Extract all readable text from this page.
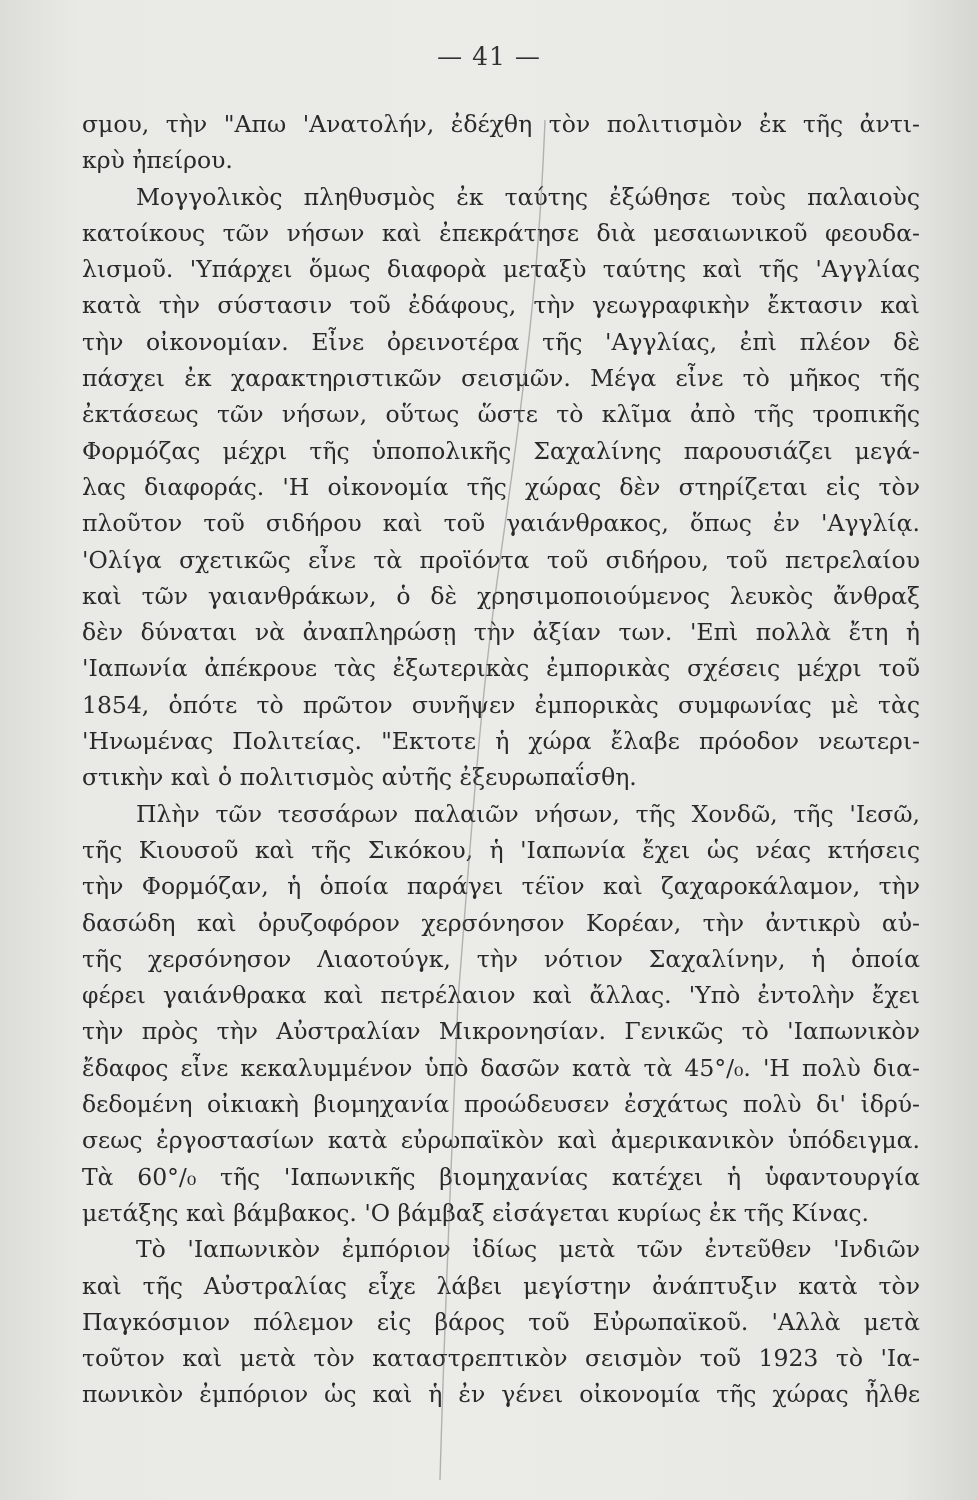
— 41 —
σμου, τὴν "Απω 'Ανατολήν, ἐδέχθη τὸν πολιτισμὸν ἐκ τῆς ἀντι-
κρὺ ἠπείρου.
Μογγολικὸς πληθυσμὸς ἐκ ταύτης ἐξώθησε τοὺς παλαιοὺς
κατοίκους τῶν νήσων καὶ ἐπεκράτησε διὰ μεσαιωνικοῦ φεουδα-
λισμοῦ. 'Υπάρχει ὅμως διαφορὰ μεταξὺ ταύτης καὶ τῆς 'Αγγλίας
κατὰ τὴν σύστασιν τοῦ ἐδάφους, τὴν γεωγραφικὴν ἔκτασιν καὶ
τὴν οἰκονομίαν. Εἶνε ὀρεινοτέρα τῆς 'Αγγλίας, ἐπὶ πλέον δὲ
πάσχει ἐκ χαρακτηριστικῶν σεισμῶν. Μέγα εἶνε τὸ μῆκος τῆς
ἐκτάσεως τῶν νήσων, οὕτως ὥστε τὸ κλῖμα ἀπὸ τῆς τροπικῆς
Φορμόζας μέχρι τῆς ὑποπολικῆς Σαχαλίνης παρουσιάζει μεγά-
λας διαφοράς. 'Η οἰκονομία τῆς χώρας δὲν στηρίζεται εἰς τὸν
πλοῦτον τοῦ σιδήρου καὶ τοῦ γαιάνθρακος, ὅπως ἐν 'Αγγλίᾳ.
'Ολίγα σχετικῶς εἶνε τὰ προϊόντα τοῦ σιδήρου, τοῦ πετρελαίου
καὶ τῶν γαιανθράκων, ὁ δὲ χρησιμοποιούμενος λευκὸς ἄνθραξ
δὲν δύναται νὰ ἀναπληρώσῃ τὴν ἀξίαν των. 'Επὶ πολλὰ ἔτη ἡ
'Ιαπωνία ἀπέκρουε τὰς ἐξωτερικὰς ἐμπορικὰς σχέσεις μέχρι τοῦ
1854, ὁπότε τὸ πρῶτον συνῆψεν ἐμπορικὰς συμφωνίας μὲ τὰς
'Ηνωμένας Πολιτείας. "Εκτοτε ἡ χώρα ἔλαβε πρόοδον νεωτερι-
στικὴν καὶ ὁ πολιτισμὸς αὐτῆς ἐξευρωπαΐσθη.
Πλὴν τῶν τεσσάρων παλαιῶν νήσων, τῆς Χονδῶ, τῆς 'Ιεσῶ,
τῆς Κιουσοῦ καὶ τῆς Σικόκου, ἡ 'Ιαπωνία ἔχει ὡς νέας κτήσεις
τὴν Φορμόζαν, ἡ ὁποία παράγει τέϊον καὶ ζαχαροκάλαμον, τὴν
δασώδη καὶ ὀρυζοφόρον χερσόνησον Κορέαν, τὴν ἀντικρὺ αὐ-
τῆς χερσόνησον Λιαοτούγκ, τὴν νότιον Σαχαλίνην, ἡ ὁποία
φέρει γαιάνθρακα καὶ πετρέλαιον καὶ ἄλλας. 'Υπὸ ἐντολὴν ἔχει
τὴν πρὸς τὴν Αὐστραλίαν Μικρονησίαν. Γενικῶς τὸ 'Ιαπωνικὸν
ἔδαφος εἶνε κεκαλυμμένον ὑπὸ δασῶν κατὰ τὰ 45°/₀. 'Η πολὺ δια-
δεδομένη οἰκιακὴ βιομηχανία προώδευσεν ἐσχάτως πολὺ δι' ἱδρύ-
σεως ἐργοστασίων κατὰ εὐρωπαϊκὸν καὶ ἀμερικανικὸν ὑπόδειγμα.
Τὰ 60°/₀ τῆς 'Ιαπωνικῆς βιομηχανίας κατέχει ἡ ὑφαντουργία
μετάξης καὶ βάμβακος. 'Ο βάμβαξ εἰσάγεται κυρίως ἐκ τῆς Κίνας.
Τὸ 'Ιαπωνικὸν ἐμπόριον ἰδίως μετὰ τῶν ἐντεῦθεν 'Ινδιῶν
καὶ τῆς Αὐστραλίας εἶχε λάβει μεγίστην ἀνάπτυξιν κατὰ τὸν
Παγκόσμιον πόλεμον εἰς βάρος τοῦ Εὐρωπαϊκοῦ. 'Αλλὰ μετὰ
τοῦτον καὶ μετὰ τὸν καταστρεπτικὸν σεισμὸν τοῦ 1923 τὸ 'Ια-
πωνικὸν ἐμπόριον ὡς καὶ ἡ ἐν γένει οἰκονομία τῆς χώρας ἦλθε
